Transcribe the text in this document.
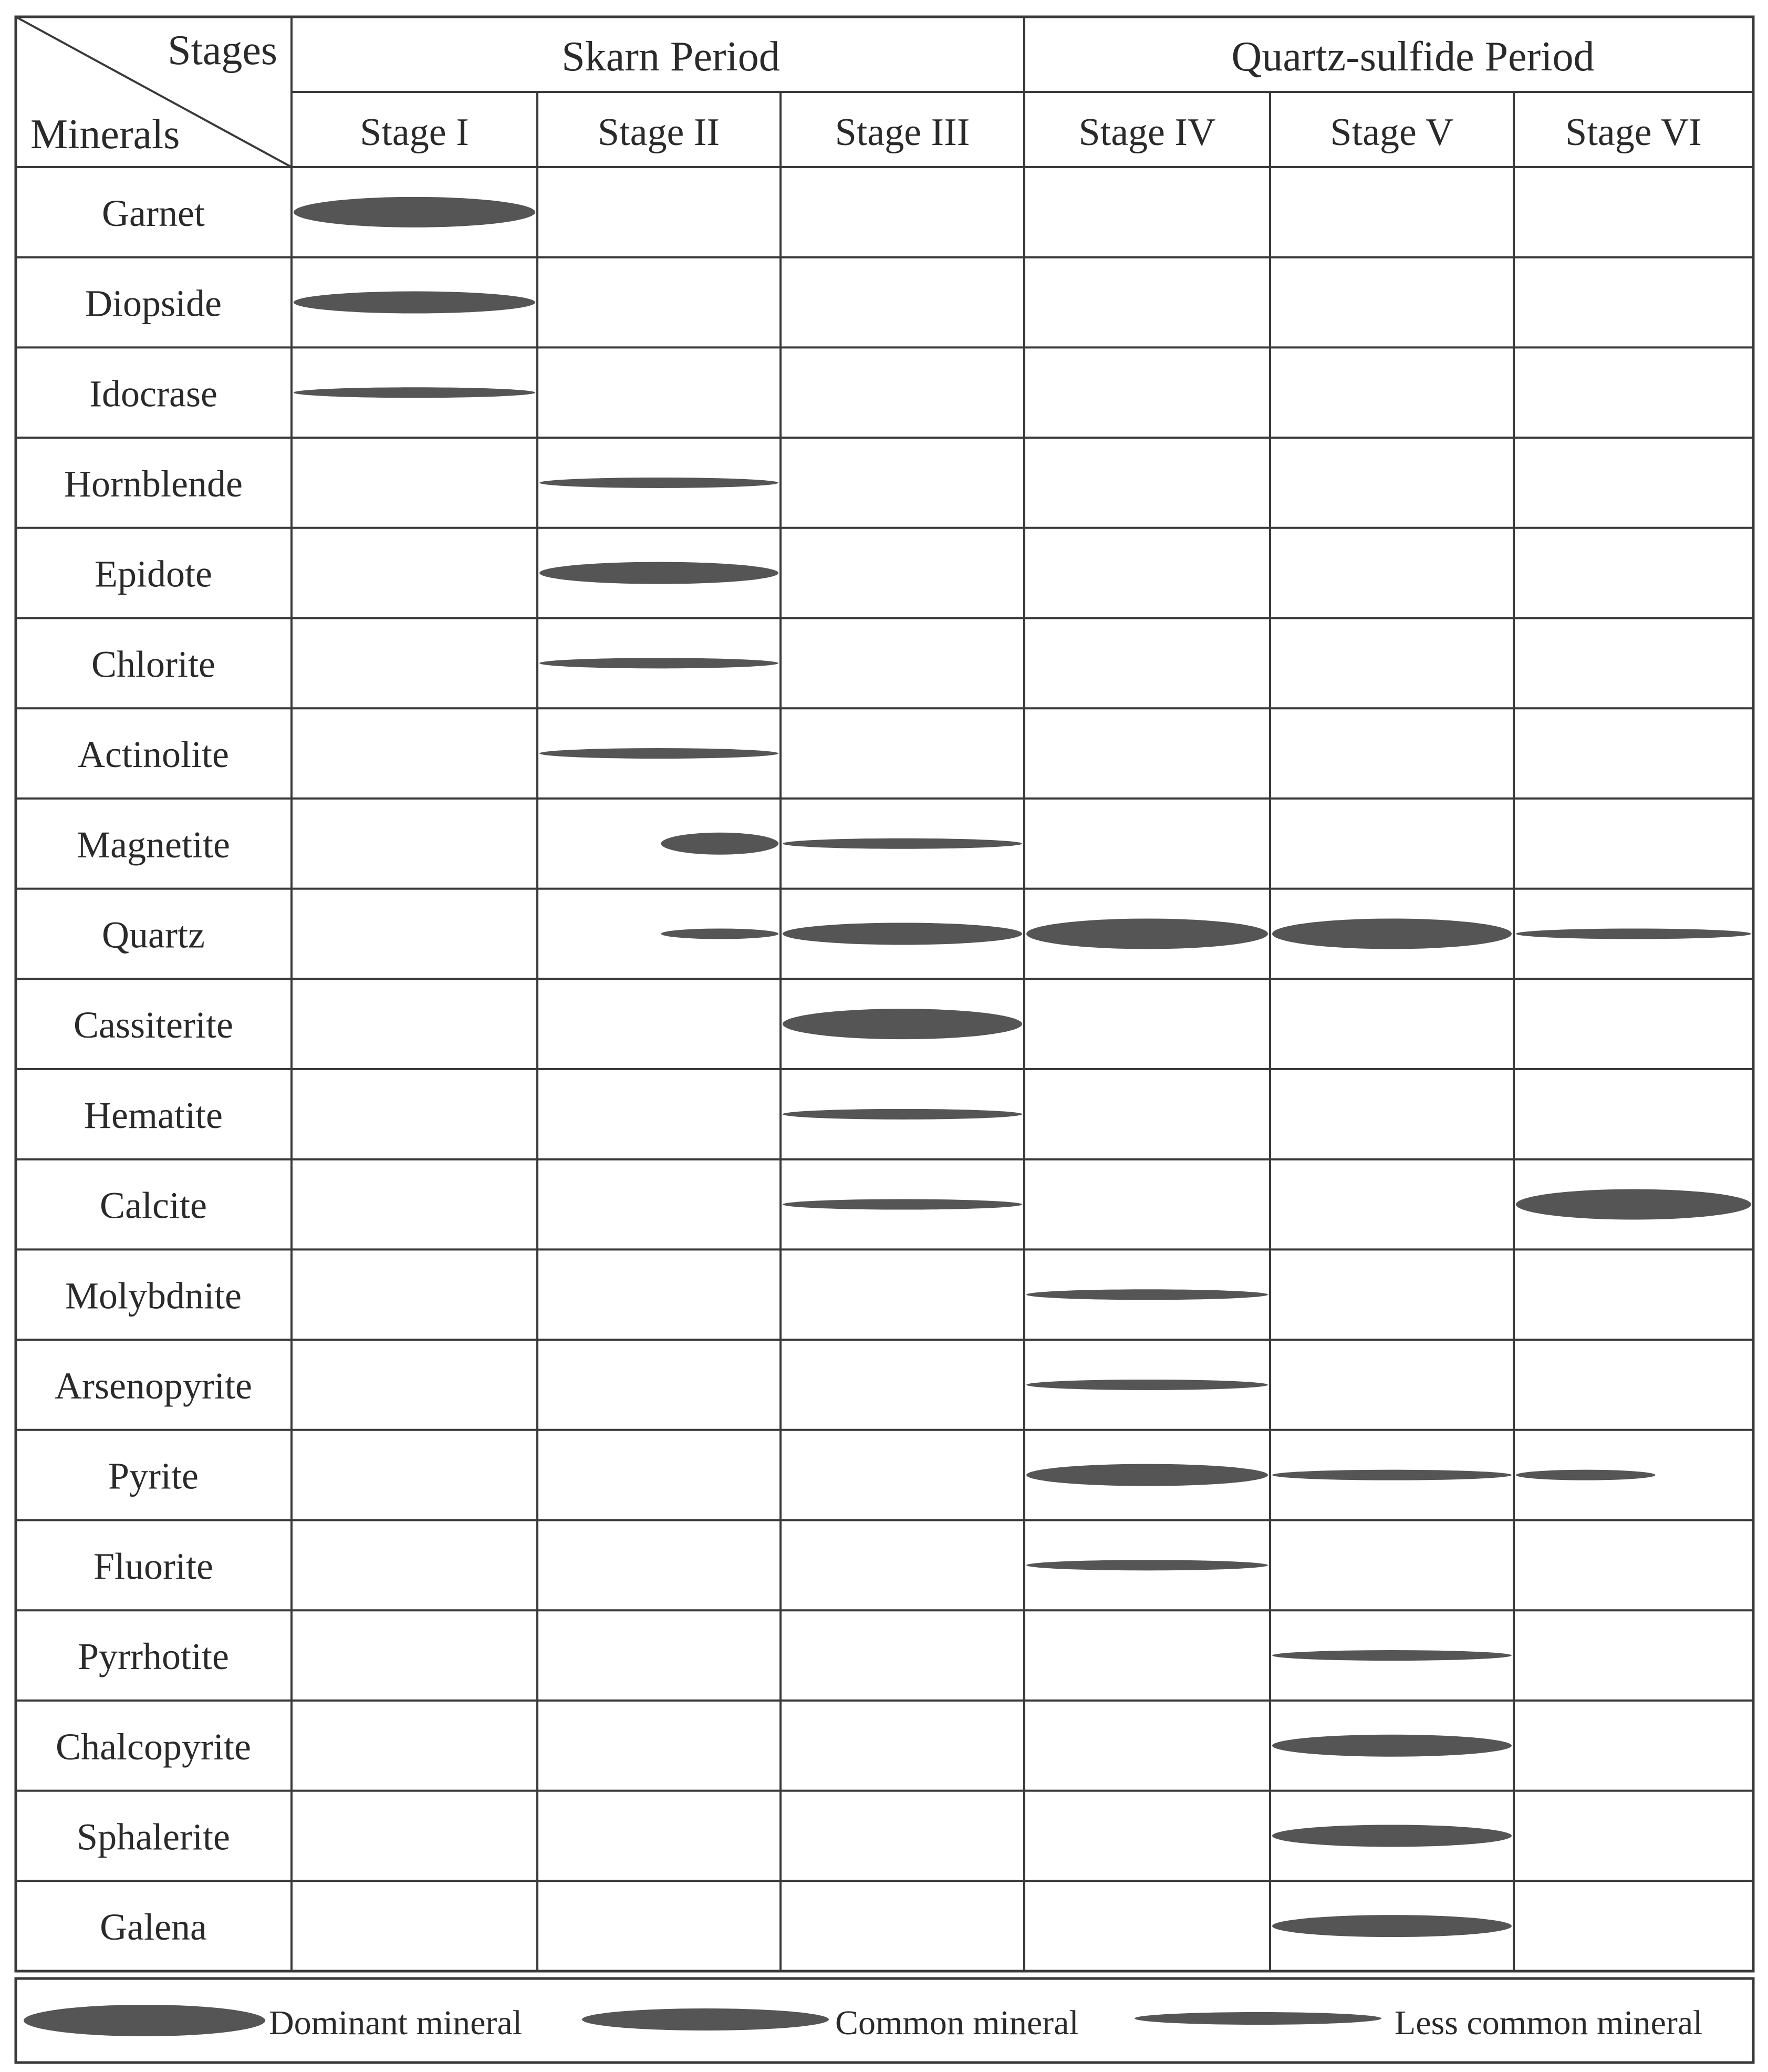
Stages
Minerals
Skarn Period	Quartz-sulfide Period
Stage I	Stage II	Stage III	Stage IV	Stage V	Stage VI
Garnet
Diopside
Idocrase
Hornblende
Epidote
Chlorite
Actinolite
Magnetite
Quartz
Cassiterite
Hematite
Calcite
Molybdnite
Arsenopyrite
Pyrite
Fluorite
Pyrrhotite
Chalcopyrite
Sphalerite
Galena
Dominant mineral	Common mineral	Less common mineral
